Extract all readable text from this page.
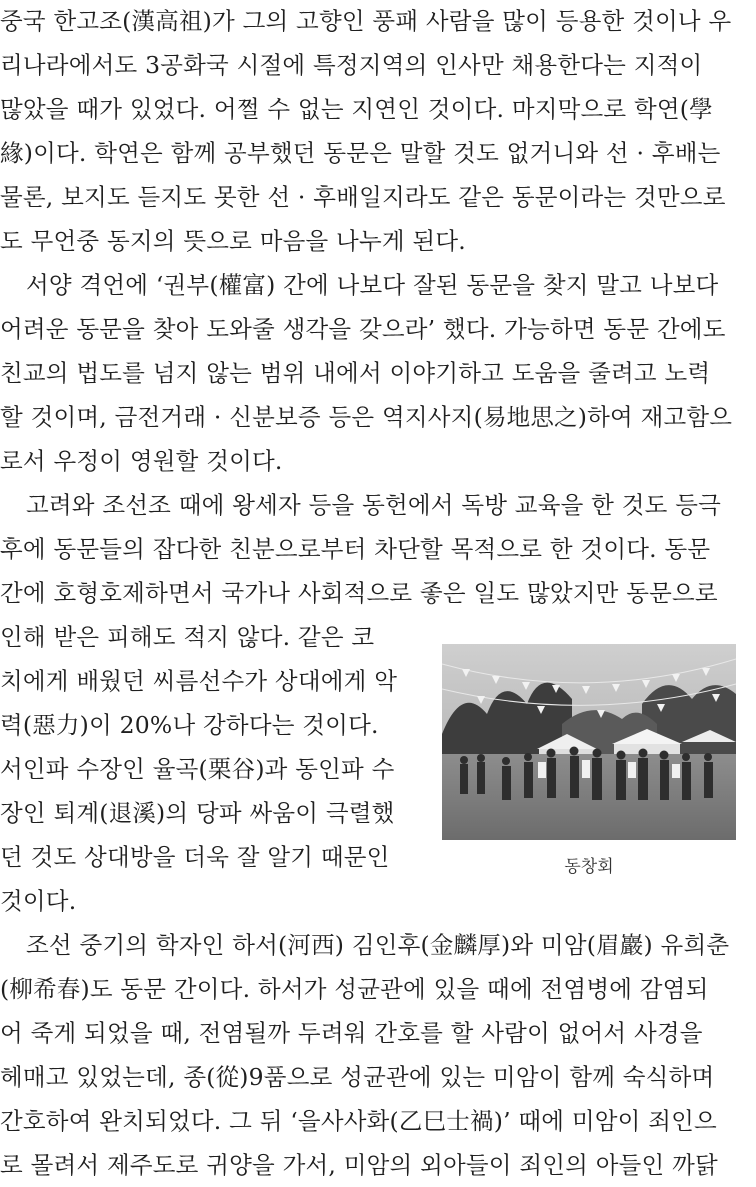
중국 한고조(漢高祖)가 그의 고향인 풍패 사람을 많이 등용한 것이나 우
리나라에서도 3공화국 시절에 특정지역의 인사만 채용한다는 지적이
많았을 때가 있었다. 어쩔 수 없는 지연인 것이다. 마지막으로 학연(學
緣)이다. 학연은 함께 공부했던 동문은 말할 것도 없거니와 선 · 후배는
물론, 보지도 듣지도 못한 선 · 후배일지라도 같은 동문이라는 것만으로
도 무언중 동지의 뜻으로 마음을 나누게 된다.
서양 격언에 ‘권부(權富) 간에 나보다 잘된 동문을 찾지 말고 나보다
어려운 동문을 찾아 도와줄 생각을 갖으라’ 했다. 가능하면 동문 간에도
친교의 법도를 넘지 않는 범위 내에서 이야기하고 도움을 줄려고 노력
할 것이며, 금전거래 · 신분보증 등은 역지사지(易地思之)하여 재고함으
로서 우정이 영원할 것이다.
고려와 조선조 때에 왕세자 등을 동헌에서 독방 교육을 한 것도 등극
후에 동문들의 잡다한 친분으로부터 차단할 목적으로 한 것이다. 동문
간에 호형호제하면서 국가나 사회적으로 좋은 일도 많았지만 동문으로
인해 받은 피해도 적지 않다. 같은 코
치에게 배웠던 씨름선수가 상대에게 악
력(惡力)이 20%나 강하다는 것이다.
서인파 수장인 율곡(栗谷)과 동인파 수
장인 퇴계(退溪)의 당파 싸움이 극렬했
던 것도 상대방을 더욱 잘 알기 때문인
것이다.
동창회
조선 중기의 학자인 하서(河西) 김인후(金麟厚)와 미암(眉巖) 유희춘
(柳希春)도 동문 간이다. 하서가 성균관에 있을 때에 전염병에 감염되
어 죽게 되었을 때, 전염될까 두려워 간호를 할 사람이 없어서 사경을
헤매고 있었는데, 종(從)9품으로 성균관에 있는 미암이 함께 숙식하며
간호하여 완치되었다. 그 뒤 ‘을사사화(乙巳士禍)’ 때에 미암이 죄인으
로 몰려서 제주도로 귀양을 가서, 미암의 외아들이 죄인의 아들인 까닭
